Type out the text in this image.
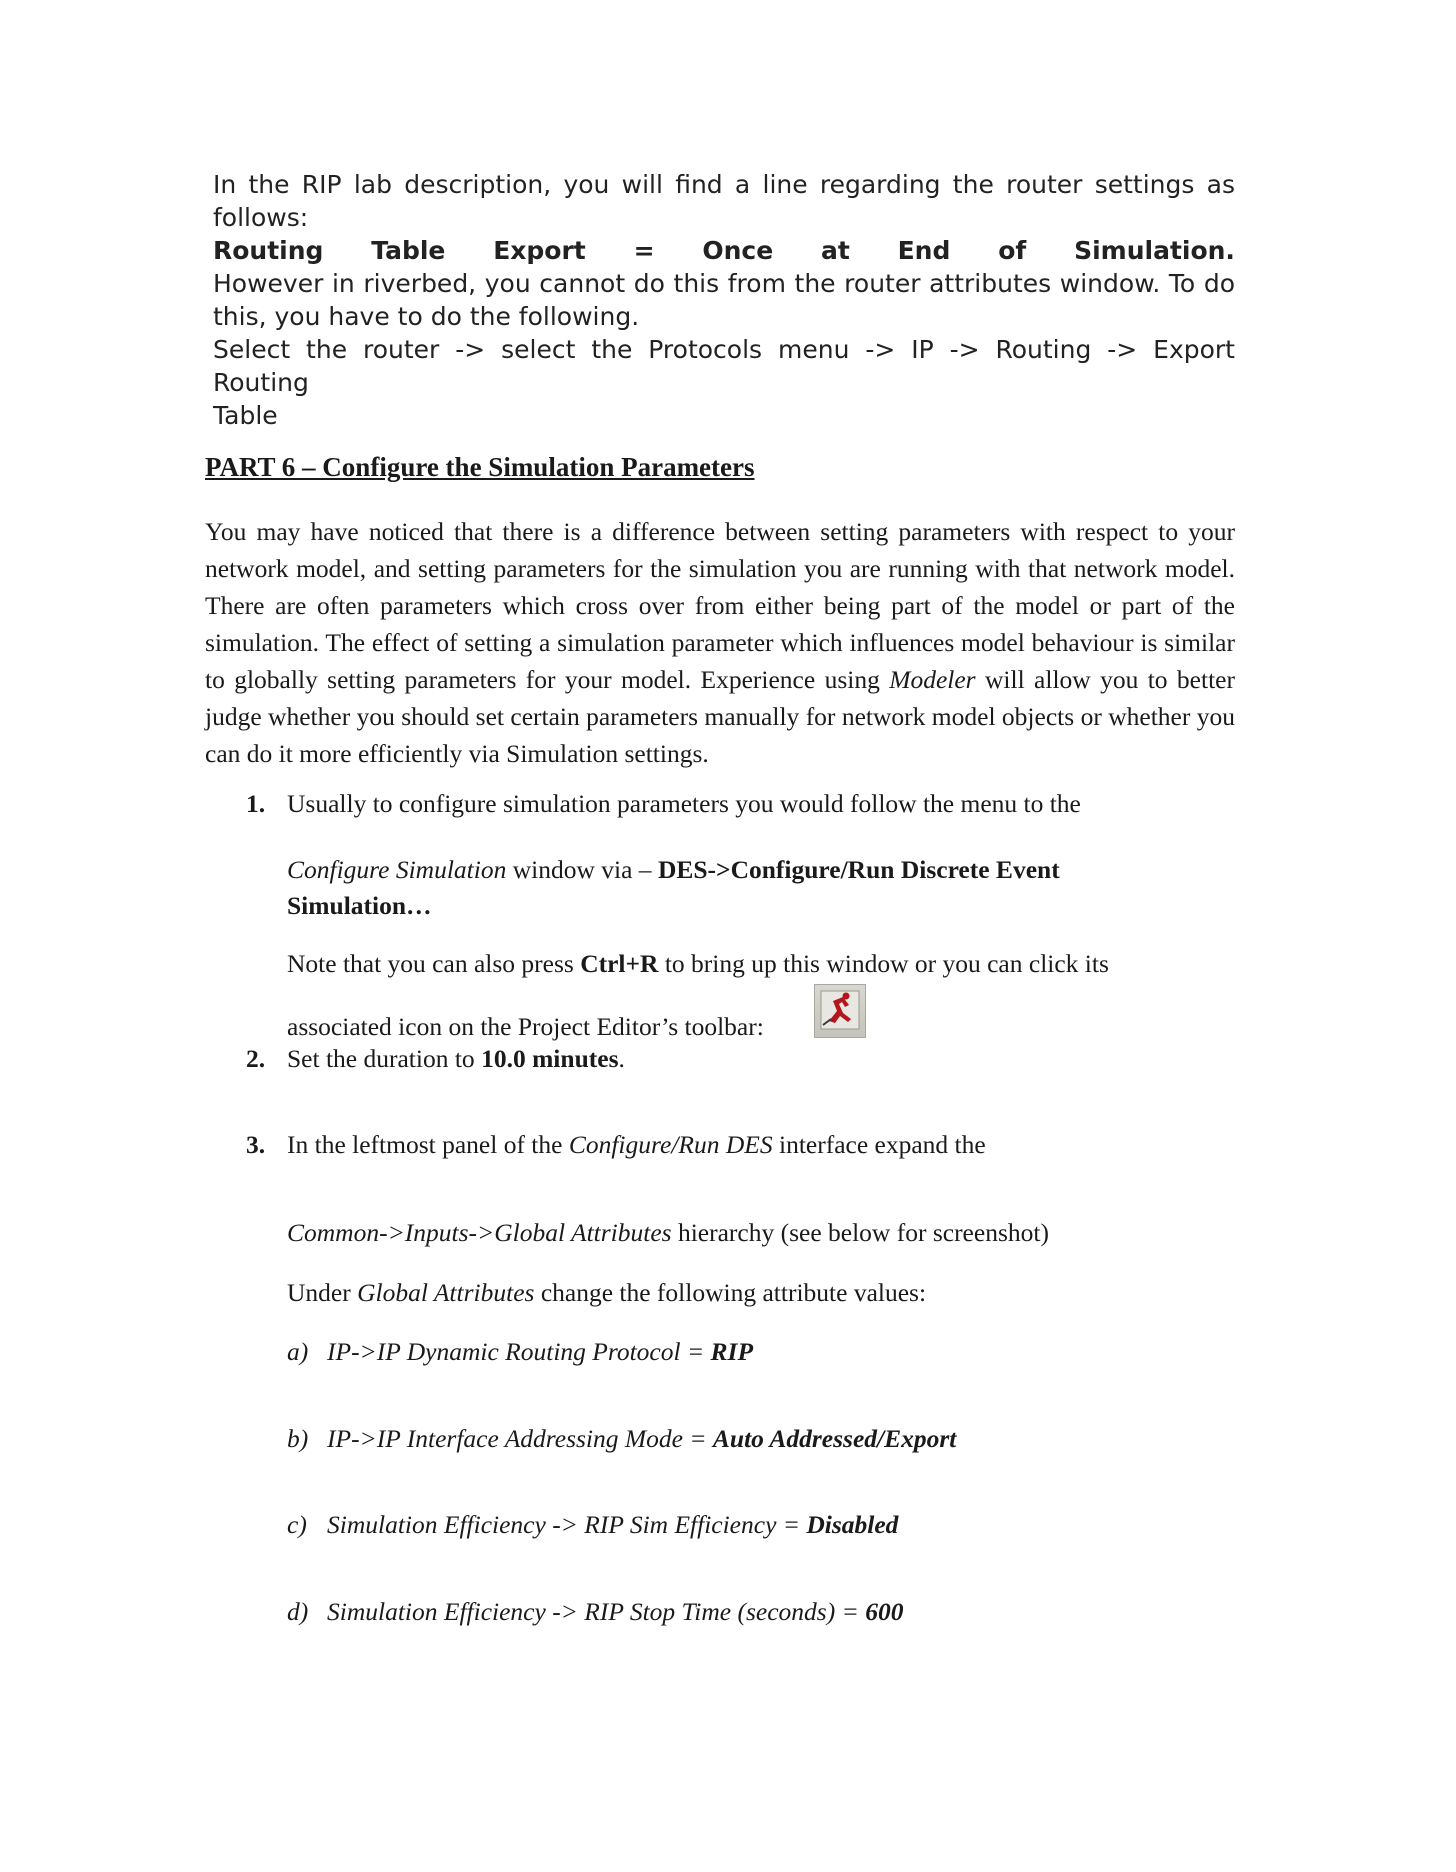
In the RIP lab description, you will find a line regarding the router settings as

follows:

Routing Table Export = Once at End of Simulation.

However in riverbed, you cannot do this from the router attributes window. To do

this, you have to do the following.

Select the router -> select the Protocols menu -> IP -> Routing -> Export Routing

Table

PART 6 – Configure the Simulation Parameters

You may have noticed that there is a difference between setting parameters with respect to your network model, and setting parameters for the simulation you are running with that network model. There are often parameters which cross over from either being part of the model or part of the simulation. The effect of setting a simulation parameter which influences model behaviour is similar to globally setting parameters for your model. Experience using Modeler will allow you to better judge whether you should set certain parameters manually for network model objects or whether you can do it more efficiently via Simulation settings.

1. Usually to configure simulation parameters you would follow the menu to the

Configure Simulation window via – DES->Configure/Run Discrete Event

Simulation…

Note that you can also press Ctrl+R to bring up this window or you can click its

associated icon on the Project Editor’s toolbar:

2. Set the duration to 10.0 minutes.

3. In the leftmost panel of the Configure/Run DES interface expand the

Common->Inputs->Global Attributes hierarchy (see below for screenshot)

Under Global Attributes change the following attribute values:

a) IP->IP Dynamic Routing Protocol = RIP

b) IP->IP Interface Addressing Mode = Auto Addressed/Export

c) Simulation Efficiency -> RIP Sim Efficiency = Disabled

d) Simulation Efficiency -> RIP Stop Time (seconds) = 600
